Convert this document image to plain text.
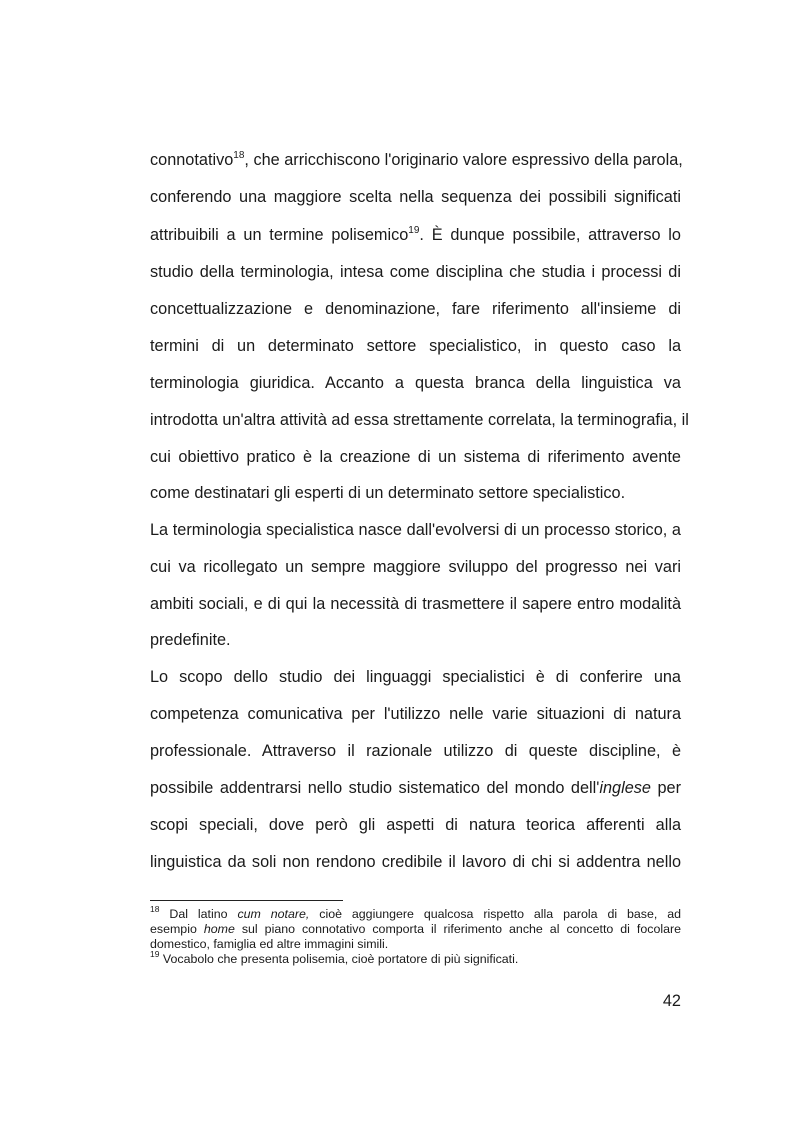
connotativo$^{18}$, che arricchiscono l'originario valore espressivo della parola,
conferendo una maggiore scelta nella sequenza dei possibili significati
attribuibili a un termine polisemico$^{19}$. È dunque possibile, attraverso lo
studio della terminologia, intesa come disciplina che studia i processi di
concettualizzazione e denominazione, fare riferimento all'insieme di
termini di un determinato settore specialistico, in questo caso la
terminologia giuridica. Accanto a questa branca della linguistica va
introdotta un'altra attività ad essa strettamente correlata, la terminografia, il
cui obiettivo pratico è la creazione di un sistema di riferimento avente
come destinatari gli esperti di un determinato settore specialistico.
La terminologia specialistica nasce dall'evolversi di un processo storico, a
cui va ricollegato un sempre maggiore sviluppo del progresso nei vari
ambiti sociali, e di qui la necessità di trasmettere il sapere entro modalità
predefinite.
Lo scopo dello studio dei linguaggi specialistici è di conferire una
competenza comunicativa per l'utilizzo nelle varie situazioni di natura
professionale. Attraverso il razionale utilizzo di queste discipline, è
possibile addentrarsi nello studio sistematico del mondo dell'inglese per
scopi speciali, dove però gli aspetti di natura teorica afferenti alla
linguistica da soli non rendono credibile il lavoro di chi si addentra nello
$^{18}$ Dal latino cum notare, cioè aggiungere qualcosa rispetto alla parola di base, ad
esempio home sul piano connotativo comporta il riferimento anche al concetto di focolare
domestico, famiglia ed altre immagini simili.
$^{19}$ Vocabolo che presenta polisemia, cioè portatore di più significati.
42
